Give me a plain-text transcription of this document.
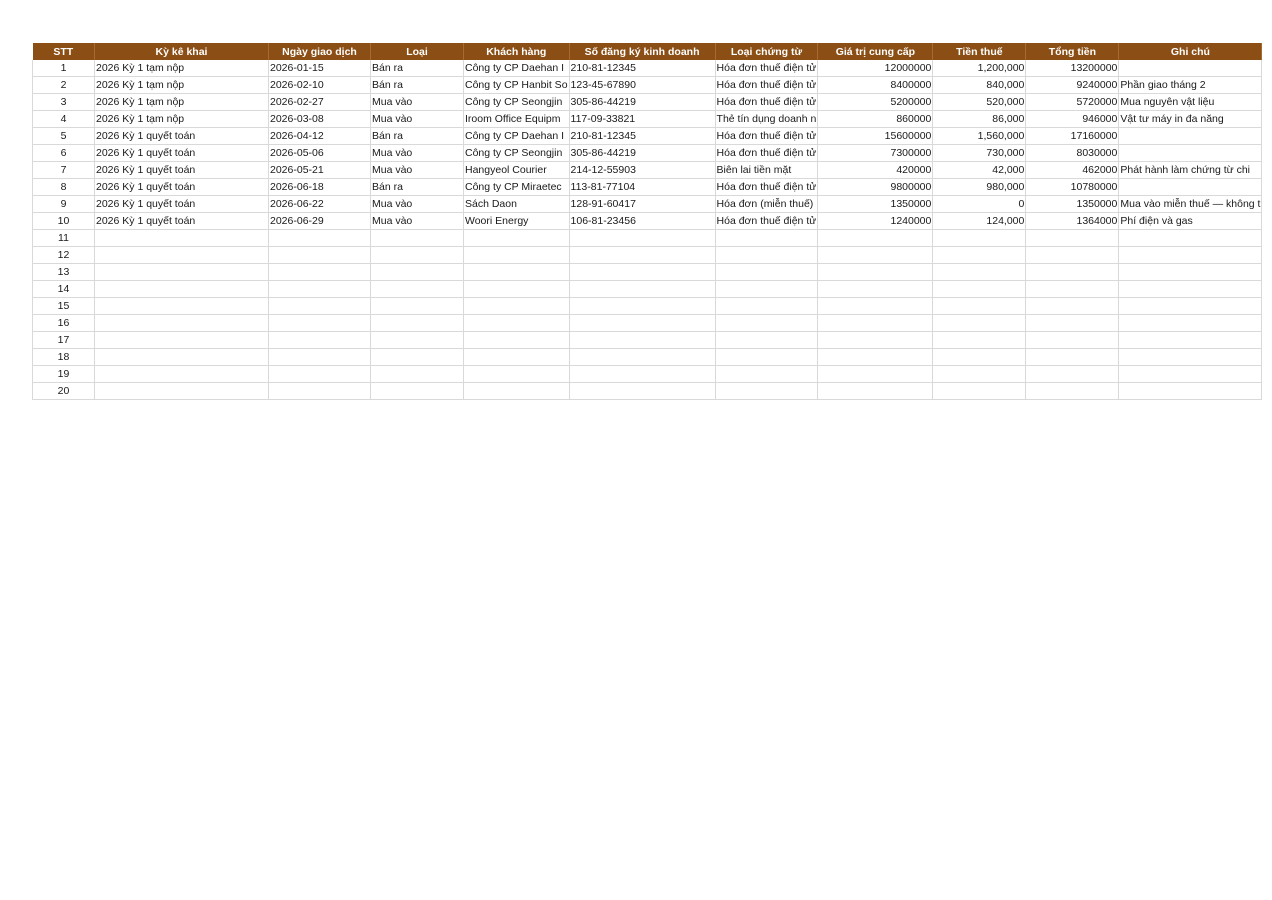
STT	Kỳ kê khai	Ngày giao dịch	Loại	Khách hàng	Số đăng ký kinh doanh	Loại chứng từ	Giá trị cung cấp	Tiền thuế	Tổng tiền	Ghi chú
1	2026 Kỳ 1 tạm nộp	2026-01-15	Bán ra	Công ty CP Daehan I	210-81-12345	Hóa đơn thuế điện tử	12000000	1,200,000	13200000	
2	2026 Kỳ 1 tạm nộp	2026-02-10	Bán ra	Công ty CP Hanbit So	123-45-67890	Hóa đơn thuế điện tử	8400000	840,000	9240000	Phần giao tháng 2
3	2026 Kỳ 1 tạm nộp	2026-02-27	Mua vào	Công ty CP Seongjin	305-86-44219	Hóa đơn thuế điện tử	5200000	520,000	5720000	Mua nguyên vật liệu
4	2026 Kỳ 1 tạm nộp	2026-03-08	Mua vào	Iroom Office Equipm	117-09-33821	Thẻ tín dụng doanh n	860000	86,000	946000	Vật tư máy in đa năng
5	2026 Kỳ 1 quyết toán	2026-04-12	Bán ra	Công ty CP Daehan I	210-81-12345	Hóa đơn thuế điện tử	15600000	1,560,000	17160000	
6	2026 Kỳ 1 quyết toán	2026-05-06	Mua vào	Công ty CP Seongjin	305-86-44219	Hóa đơn thuế điện tử	7300000	730,000	8030000	
7	2026 Kỳ 1 quyết toán	2026-05-21	Mua vào	Hangyeol Courier	214-12-55903	Biên lai tiền mặt	420000	42,000	462000	Phát hành làm chứng từ chi
8	2026 Kỳ 1 quyết toán	2026-06-18	Bán ra	Công ty CP Miraetec	113-81-77104	Hóa đơn thuế điện tử	9800000	980,000	10780000	
9	2026 Kỳ 1 quyết toán	2026-06-22	Mua vào	Sách Daon	128-91-60417	Hóa đơn (miễn thuế)	1350000	0	1350000	Mua vào miễn thuế — không t
10	2026 Kỳ 1 quyết toán	2026-06-29	Mua vào	Woori Energy	106-81-23456	Hóa đơn thuế điện tử	1240000	124,000	1364000	Phí điện và gas
11										
12										
13										
14										
15										
16										
17										
18										
19										
20										
